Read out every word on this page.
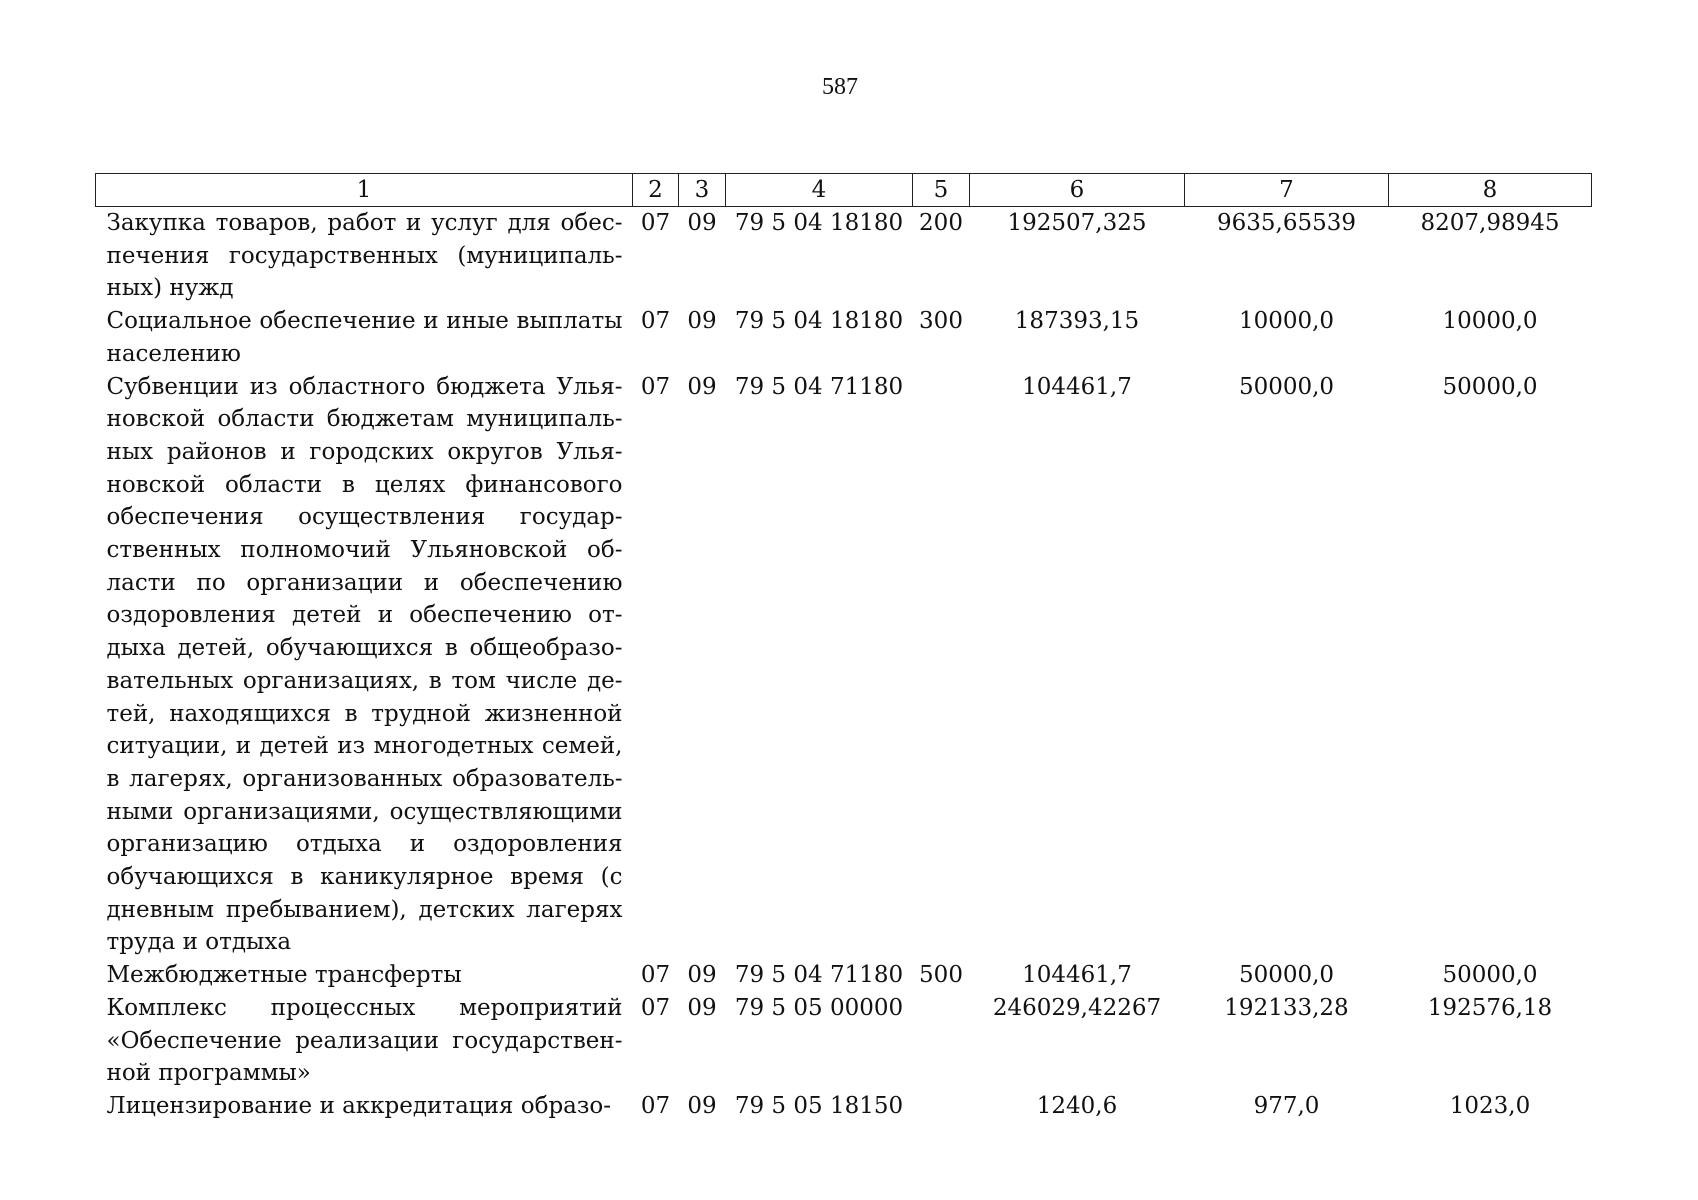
587
1	2	3	4	5	6	7	8
Закупка товаров, работ и услуг для обеспечения государственных (муниципальных) нужд	07	09	79 5 04 18180	200	192507,325	9635,65539	8207,98945
Социальное обеспечение и иные выплаты населению	07	09	79 5 04 18180	300	187393,15	10000,0	10000,0
Субвенции из областного бюджета Ульяновской области бюджетам муниципальных районов и городских округов Ульяновской области в целях финансового обеспечения осуществления государственных полномочий Ульяновской области по организации и обеспечению оздоровления детей и обеспечению отдыха детей, обучающихся в общеобразовательных организациях, в том числе детей, находящихся в трудной жизненной ситуации, и детей из многодетных семей, в лагерях, организованных образовательными организациями, осуществляющими организацию отдыха и оздоровления обучающихся в каникулярное время (с дневным пребыванием), детских лагерях труда и отдыха	07	09	79 5 04 71180		104461,7	50000,0	50000,0
Межбюджетные трансферты	07	09	79 5 04 71180	500	104461,7	50000,0	50000,0
Комплекс процессных мероприятий «Обеспечение реализации государственной программы»	07	09	79 5 05 00000		246029,42267	192133,28	192576,18
Лицензирование и аккредитация образо-	07	09	79 5 05 18150		1240,6	977,0	1023,0
